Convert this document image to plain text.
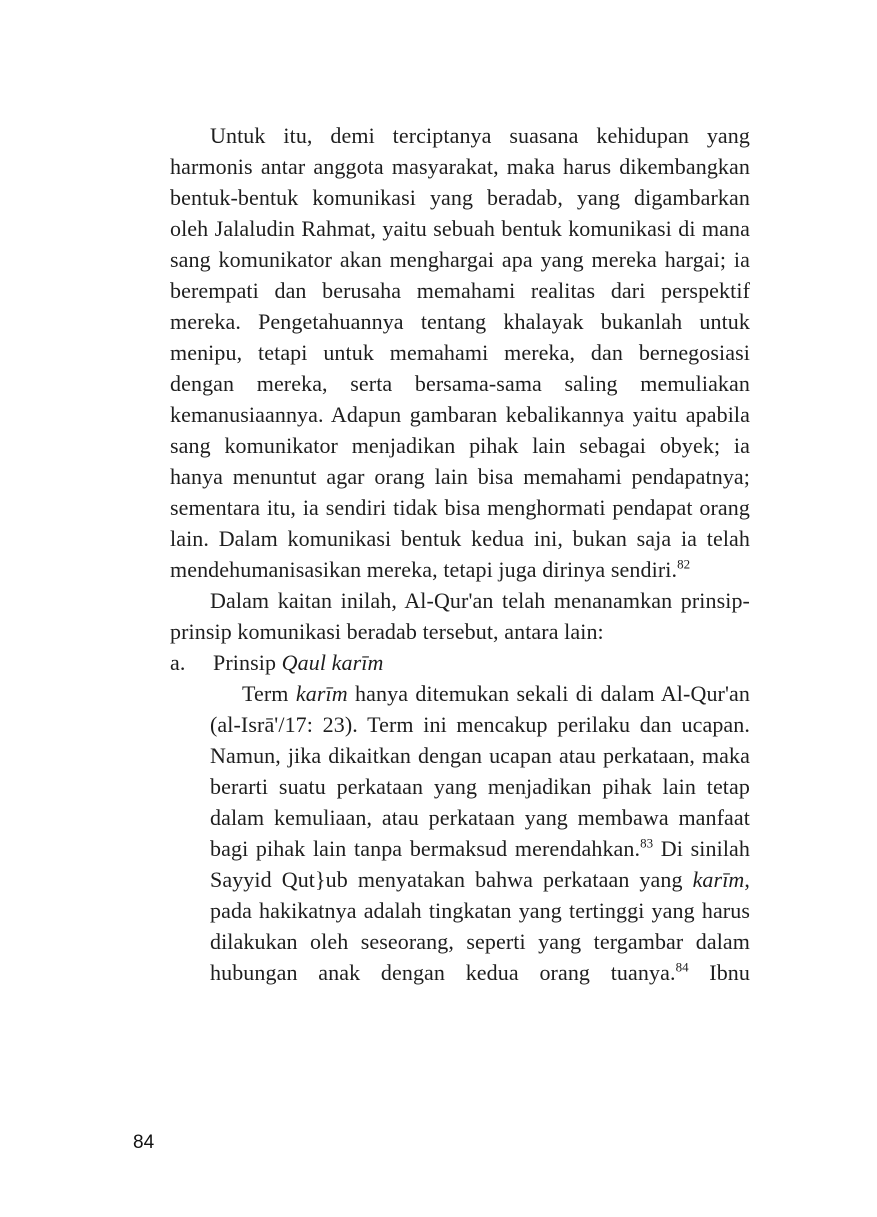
Untuk itu, demi terciptanya suasana kehidupan yang harmonis antar anggota masyarakat, maka harus dikembangkan bentuk-bentuk komunikasi yang beradab, yang digambarkan oleh Jalaludin Rahmat, yaitu sebuah bentuk komunikasi di mana sang komunikator akan menghargai apa yang mereka hargai; ia berempati dan berusaha memahami realitas dari perspektif mereka. Pengetahuannya tentang khalayak bukanlah untuk menipu, tetapi untuk memahami mereka, dan bernegosiasi dengan mereka, serta bersama-sama saling memuliakan kemanusiaannya. Adapun gambaran kebalikannya yaitu apabila sang komunikator menjadikan pihak lain sebagai obyek; ia hanya menuntut agar orang lain bisa memahami pendapatnya; sementara itu, ia sendiri tidak bisa menghormati pendapat orang lain. Dalam komunikasi bentuk kedua ini, bukan saja ia telah mendehumanisasikan mereka, tetapi juga dirinya sendiri.$^{82}$

Dalam kaitan inilah, Al-Qur'an telah menanamkan prinsip-prinsip komunikasi beradab tersebut, antara lain:

a. Prinsip Qaul karīm

Term karīm hanya ditemukan sekali di dalam Al-Qur'an (al-Isrā'/17: 23). Term ini mencakup perilaku dan ucapan. Namun, jika dikaitkan dengan ucapan atau perkataan, maka berarti suatu perkataan yang menjadikan pihak lain tetap dalam kemuliaan, atau perkataan yang membawa manfaat bagi pihak lain tanpa bermaksud merendahkan.$^{83}$ Di sinilah Sayyid Qut}ub menyatakan bahwa perkataan yang karīm, pada hakikatnya adalah tingkatan yang tertinggi yang harus dilakukan oleh seseorang, seperti yang tergambar dalam hubungan anak dengan kedua orang tuanya.$^{84}$ Ibnu

84
